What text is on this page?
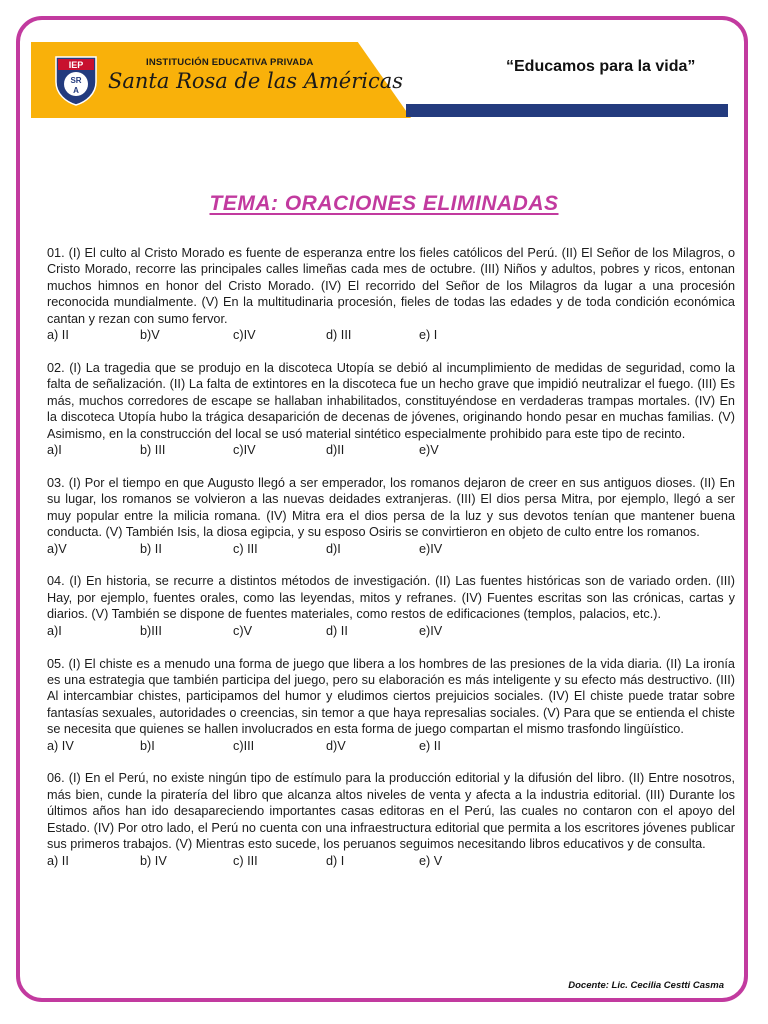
IEP
SR
A
INSTITUCIÓN EDUCATIVA PRIVADA
Santa Rosa de las Américas
“Educamos para la vida”
TEMA: ORACIONES ELIMINADAS
01. (I) El culto al Cristo Morado es fuente de esperanza entre los fieles católicos del Perú. (II) El Señor de los Milagros, o Cristo Morado, recorre las principales calles limeñas cada mes de octubre. (III) Niños y adultos, pobres y ricos, entonan muchos himnos en honor del Cristo Morado. (IV) El recorrido del Señor de los Milagros da lugar a una procesión reconocida mundialmente. (V) En la multitudinaria procesión, fieles de todas las edades y de toda condición económica cantan y rezan con sumo fervor.
a) II	b)V	c)IV	d) III	e) I
02. (I) La tragedia que se produjo en la discoteca Utopía se debió al incumplimiento de medidas de seguridad, como la falta de señalización. (II) La falta de extintores en la discoteca fue un hecho grave que impidió neutralizar el fuego. (III) Es más, muchos corredores de escape se hallaban inhabilitados, constituyéndose en verdaderas trampas mortales. (IV) En la discoteca Utopía hubo la trágica desaparición de decenas de jóvenes, originando hondo pesar en muchas familias. (V) Asimismo, en la construcción del local se usó material sintético especialmente prohibido para este tipo de recinto.
a)I	b) III	c)IV	d)II	e)V
03. (I) Por el tiempo en que Augusto llegó a ser emperador, los romanos dejaron de creer en sus antiguos dioses. (II) En su lugar, los romanos se volvieron a las nuevas deidades extranjeras. (III) El dios persa Mitra, por ejemplo, llegó a ser muy popular entre la milicia romana. (IV) Mitra era el dios persa de la luz y sus devotos tenían que mantener buena conducta. (V) También Isis, la diosa egipcia, y su esposo Osiris se convirtieron en objeto de culto entre los romanos.
a)V	b) II	c) III	d)I	e)IV
04. (I) En historia, se recurre a distintos métodos de investigación. (II) Las fuentes históricas son de variado orden. (III) Hay, por ejemplo, fuentes orales, como las leyendas, mitos y refranes. (IV) Fuentes escritas son las crónicas, cartas y diarios. (V) También se dispone de fuentes materiales, como restos de edificaciones (templos, palacios, etc.).
a)I	b)III	c)V	d) II	e)IV
05. (I) El chiste es a menudo una forma de juego que libera a los hombres de las presiones de la vida diaria. (II) La ironía es una estrategia que también participa del juego, pero su elaboración es más inteligente y su efecto más destructivo. (III) Al intercambiar chistes, participamos del humor y eludimos ciertos prejuicios sociales. (IV) El chiste puede tratar sobre fantasías sexuales, autoridades o creencias, sin temor a que haya represalias sociales. (V) Para que se entienda el chiste se necesita que quienes se hallen involucrados en esta forma de juego compartan el mismo trasfondo lingüístico.
a) IV	b)I	c)III	d)V	e) II
06. (I) En el Perú, no existe ningún tipo de estímulo para la producción editorial y la difusión del libro. (II) Entre nosotros, más bien, cunde la piratería del libro que alcanza altos niveles de venta y afecta a la industria editorial. (III) Durante los últimos años han ido desapareciendo importantes casas editoras en el Perú, las cuales no contaron con el apoyo del Estado. (IV) Por otro lado, el Perú no cuenta con una infraestructura editorial que permita a los escritores jóvenes publicar sus primeros trabajos. (V) Mientras esto sucede, los peruanos seguimos necesitando libros educativos y de consulta.
a) II	b) IV	c) III	d) I	e) V
Docente: Lic. Cecilia Cestti Casma
